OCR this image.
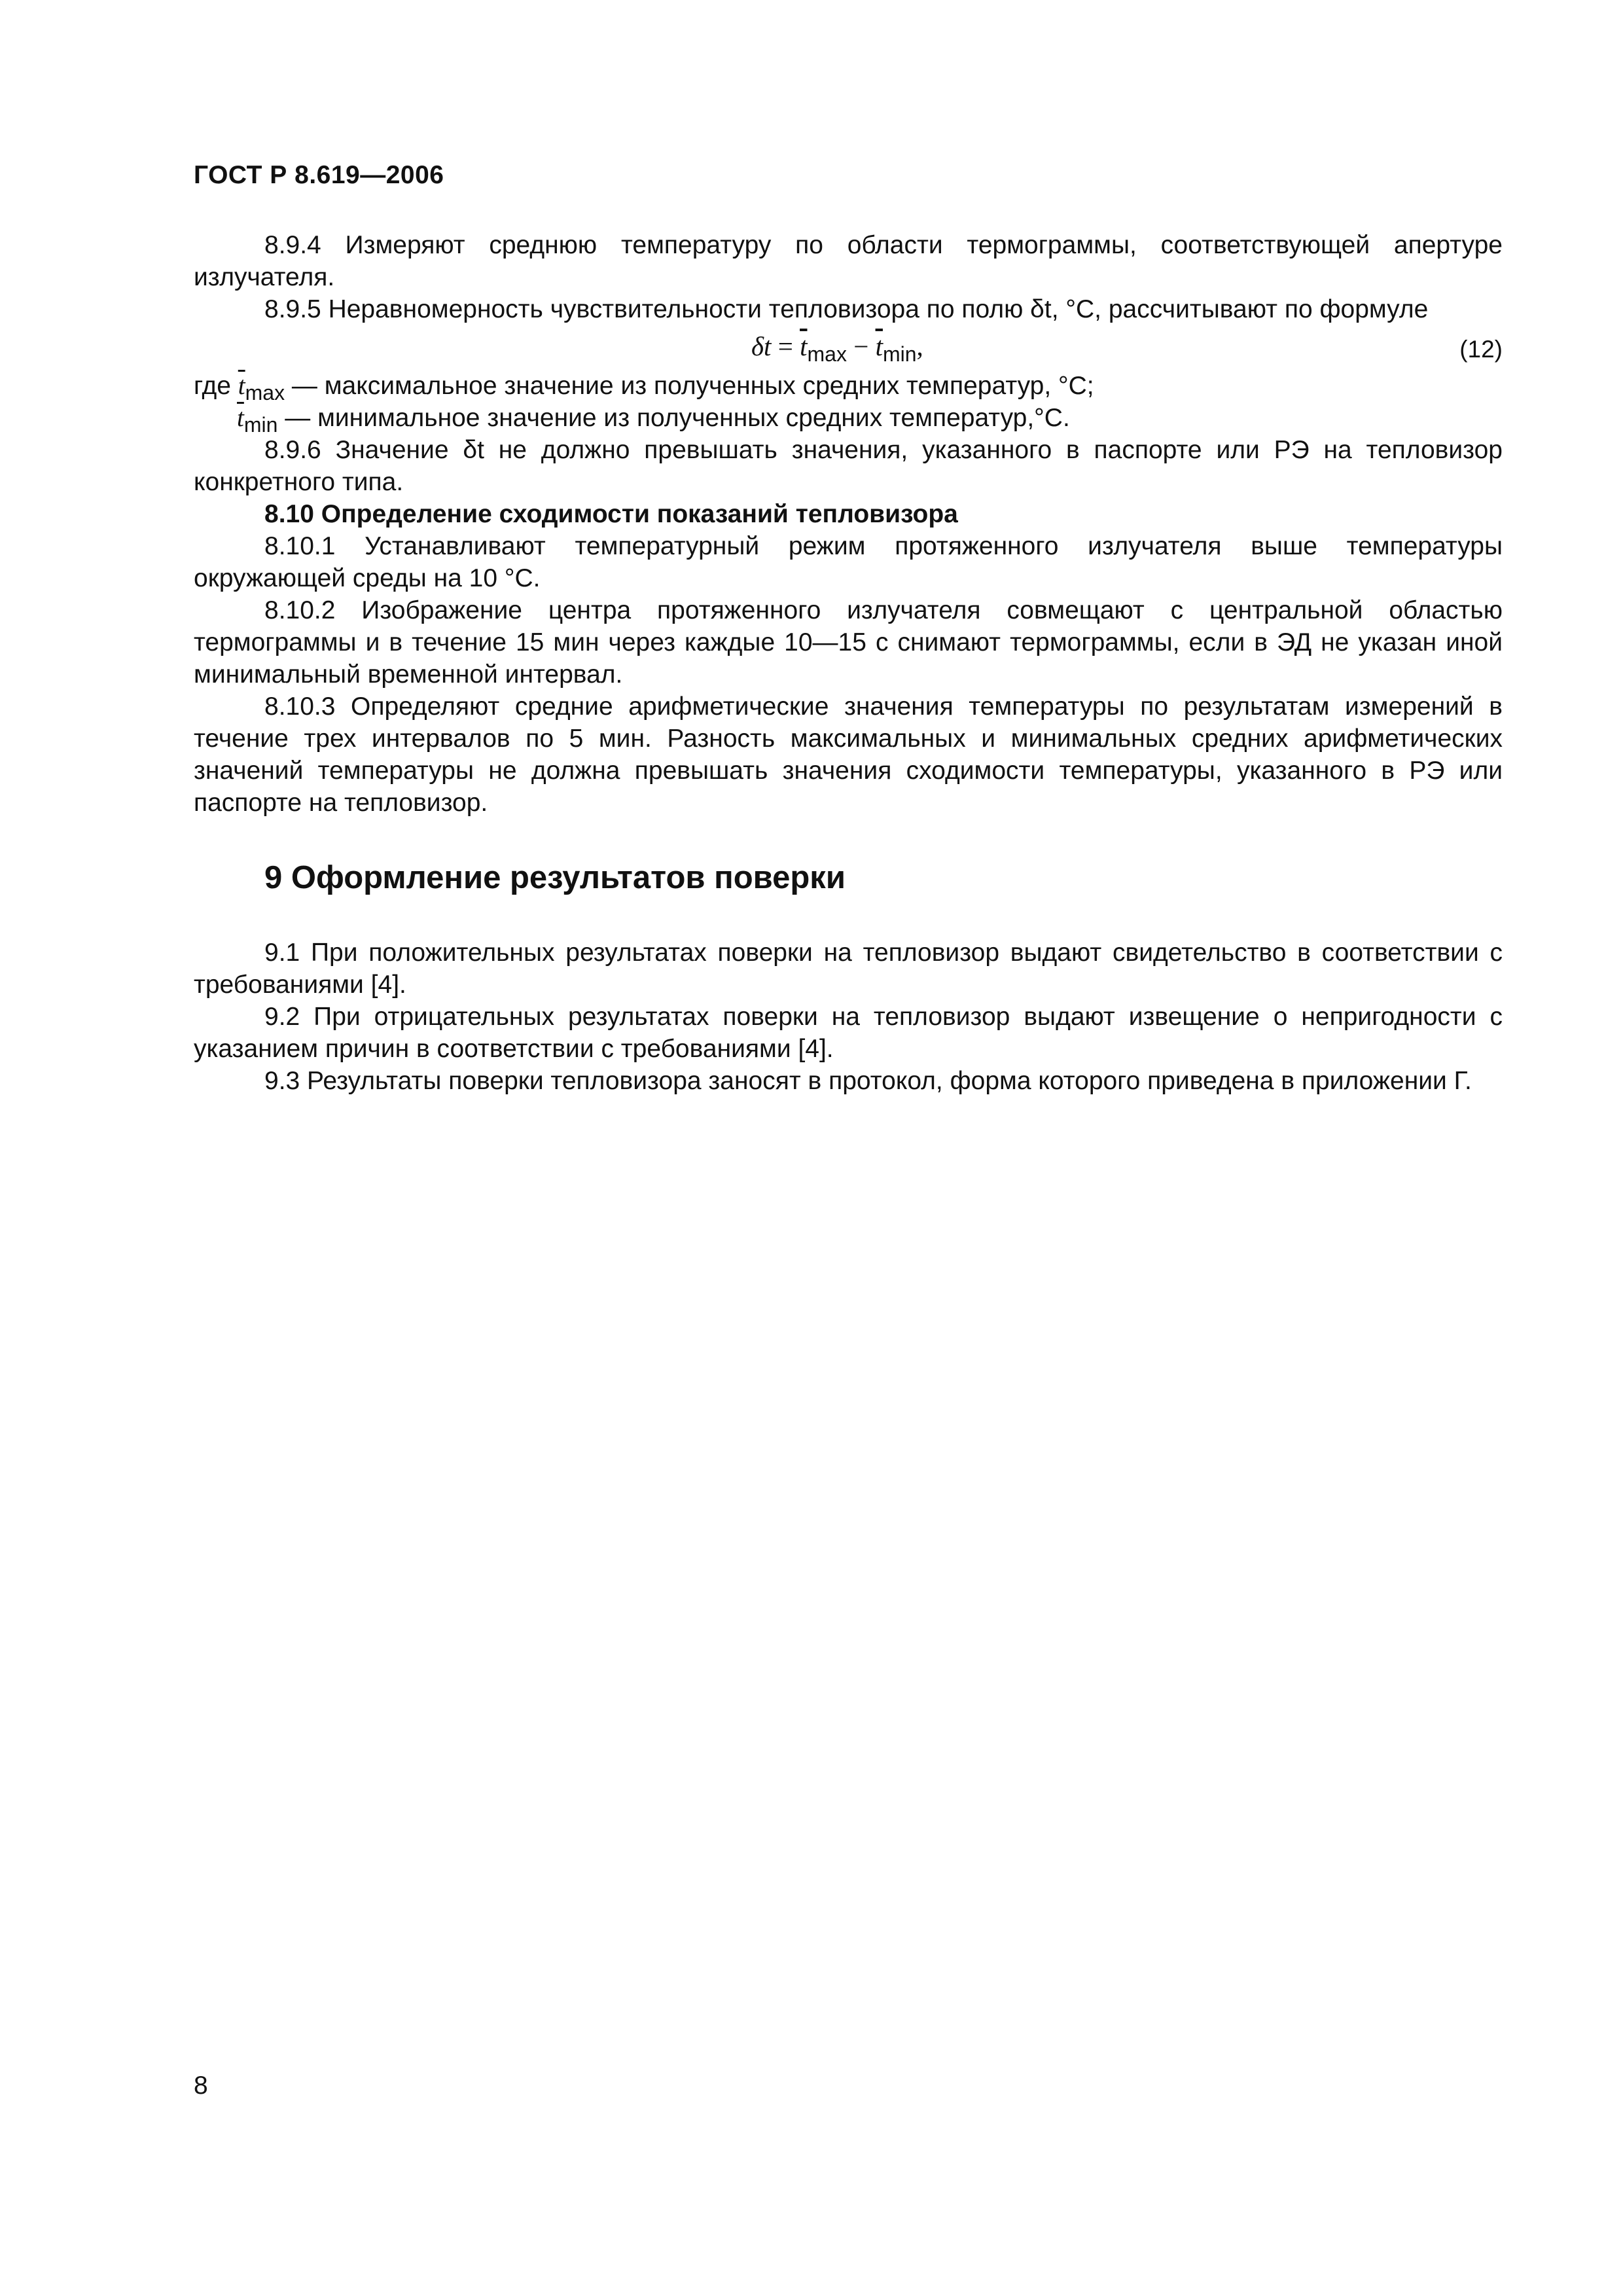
ГОСТ Р 8.619—2006

8.9.4 Измеряют среднюю температуру по области термограммы, соответствующей апертуре излучателя.

8.9.5 Неравномерность чувствительности тепловизора по полю δt, °C, рассчитывают по формуле

$\delta t = \overline{t}_{max} - \overline{t}_{min}$,	(12)

где $\overline{t}_{max}$ — максимальное значение из полученных средних температур, °C;

$\overline{t}_{min}$ — минимальное значение из полученных средних температур,°С.

8.9.6 Значение δt не должно превышать значения, указанного в паспорте или РЭ на тепловизор конкретного типа.

8.10 Определение сходимости показаний тепловизора

8.10.1 Устанавливают температурный режим протяженного излучателя выше температуры окружающей среды на 10 °С.

8.10.2 Изображение центра протяженного излучателя совмещают с центральной областью термограммы и в течение 15 мин через каждые 10—15 с снимают термограммы, если в ЭД не указан иной минимальный временной интервал.

8.10.3 Определяют средние арифметические значения температуры по результатам измерений в течение трех интервалов по 5 мин. Разность максимальных и минимальных средних арифметических значений температуры не должна превышать значения сходимости температуры, указанного в РЭ или паспорте на тепловизор.

9 Оформление результатов поверки

9.1 При положительных результатах поверки на тепловизор выдают свидетельство в соответствии с требованиями [4].

9.2 При отрицательных результатах поверки на тепловизор выдают извещение о непригодности с указанием причин в соответствии с требованиями [4].

9.3 Результаты поверки тепловизора заносят в протокол, форма которого приведена в приложении Г.

8
